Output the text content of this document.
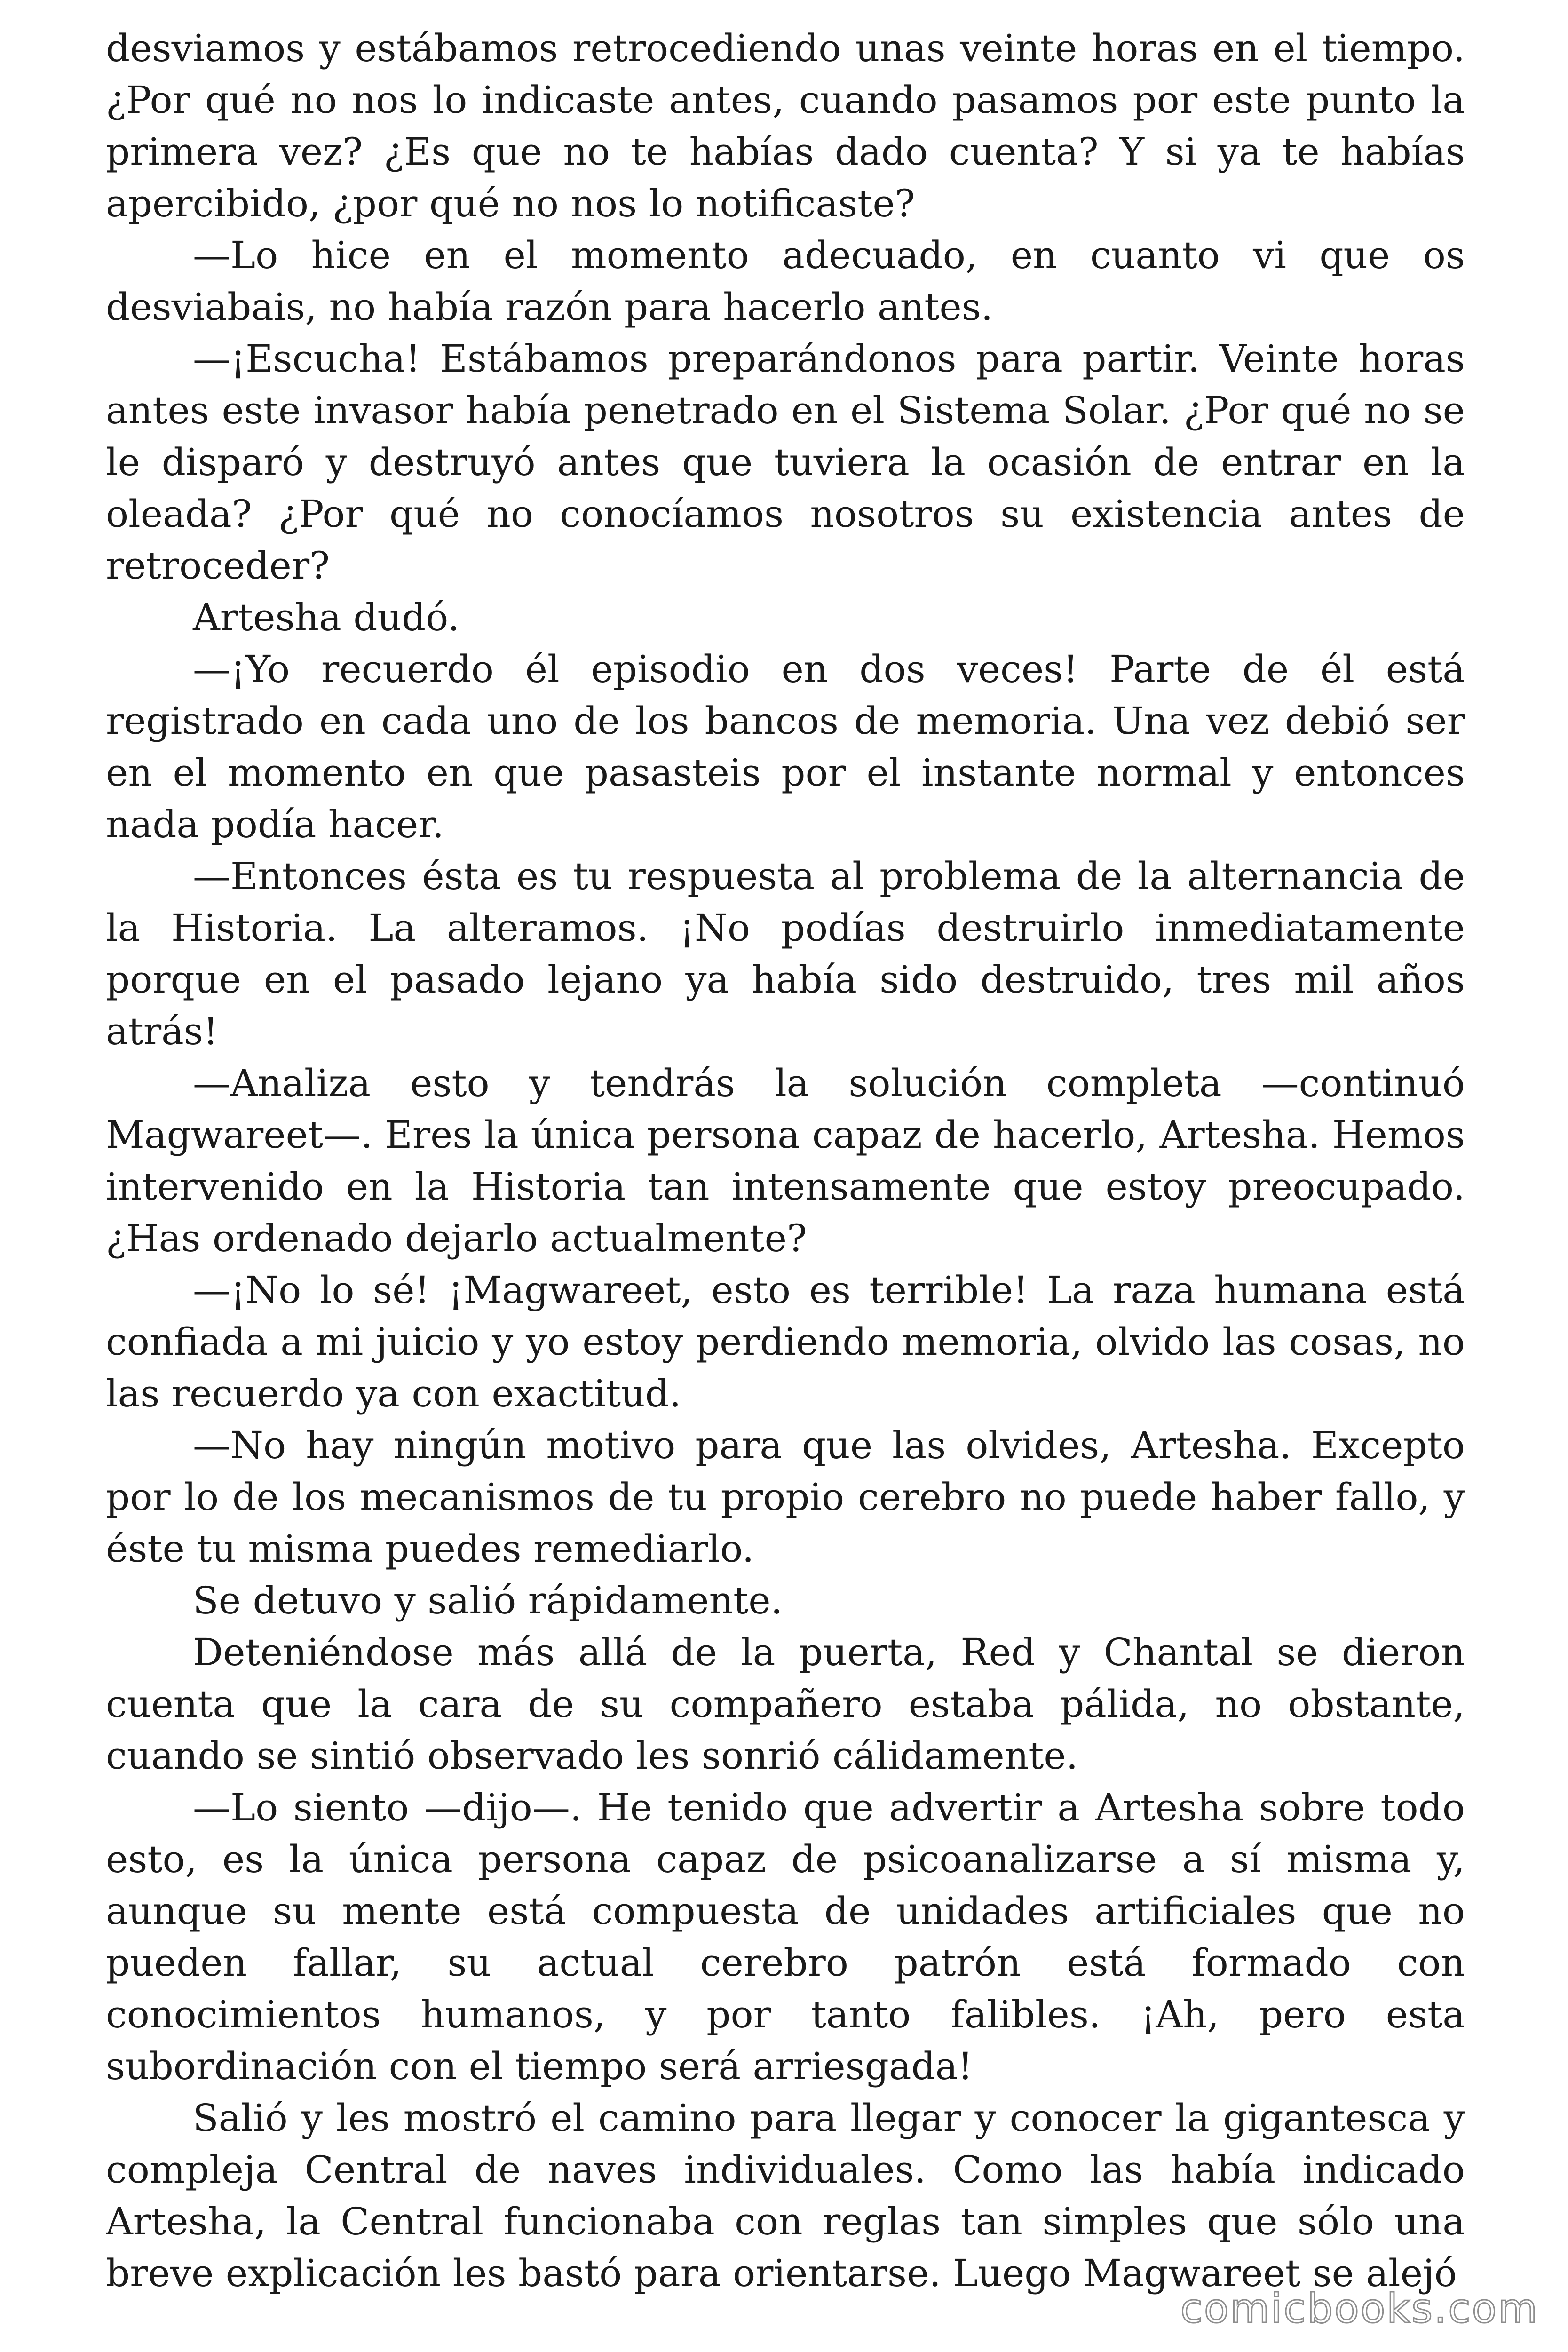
desviamos y estábamos retrocediendo unas veinte horas en el tiempo. ¿Por qué no nos lo indicaste antes, cuando pasamos por este punto la primera vez? ¿Es que no te habías dado cuenta? Y si ya te habías apercibido, ¿por qué no nos lo notificaste?

—Lo hice en el momento adecuado, en cuanto vi que os desviabais, no había razón para hacerlo antes.

—¡Escucha! Estábamos preparándonos para partir. Veinte horas antes este invasor había penetrado en el Sistema Solar. ¿Por qué no se le disparó y destruyó antes que tuviera la ocasión de entrar en la oleada? ¿Por qué no conocíamos nosotros su existencia antes de retroceder?

Artesha dudó.

—¡Yo recuerdo él episodio en dos veces! Parte de él está registrado en cada uno de los bancos de memoria. Una vez debió ser en el momento en que pasasteis por el instante normal y entonces nada podía hacer.

—Entonces ésta es tu respuesta al problema de la alternancia de la Historia. La alteramos. ¡No podías destruirlo inmediatamente porque en el pasado lejano ya había sido destruido, tres mil años atrás!

—Analiza esto y tendrás la solución completa —continuó Magwareet—. Eres la única persona capaz de hacerlo, Artesha. Hemos intervenido en la Historia tan intensamente que estoy preocupado. ¿Has ordenado dejarlo actualmente?

—¡No lo sé! ¡Magwareet, esto es terrible! La raza humana está confiada a mi juicio y yo estoy perdiendo memoria, olvido las cosas, no las recuerdo ya con exactitud.

—No hay ningún motivo para que las olvides, Artesha. Excepto por lo de los mecanismos de tu propio cerebro no puede haber fallo, y éste tu misma puedes remediarlo.

Se detuvo y salió rápidamente.

Deteniéndose más allá de la puerta, Red y Chantal se dieron cuenta que la cara de su compañero estaba pálida, no obstante, cuando se sintió observado les sonrió cálidamente.

—Lo siento —dijo—. He tenido que advertir a Artesha sobre todo esto, es la única persona capaz de psicoanalizarse a sí misma y, aunque su mente está compuesta de unidades artificiales que no pueden fallar, su actual cerebro patrón está formado con conocimientos humanos, y por tanto falibles. ¡Ah, pero esta subordinación con el tiempo será arriesgada!

Salió y les mostró el camino para llegar y conocer la gigantesca y compleja Central de naves individuales. Como las había indicado Artesha, la Central funcionaba con reglas tan simples que sólo una breve explicación les bastó para orientarse. Luego Magwareet se alejó

comicbooks.com
